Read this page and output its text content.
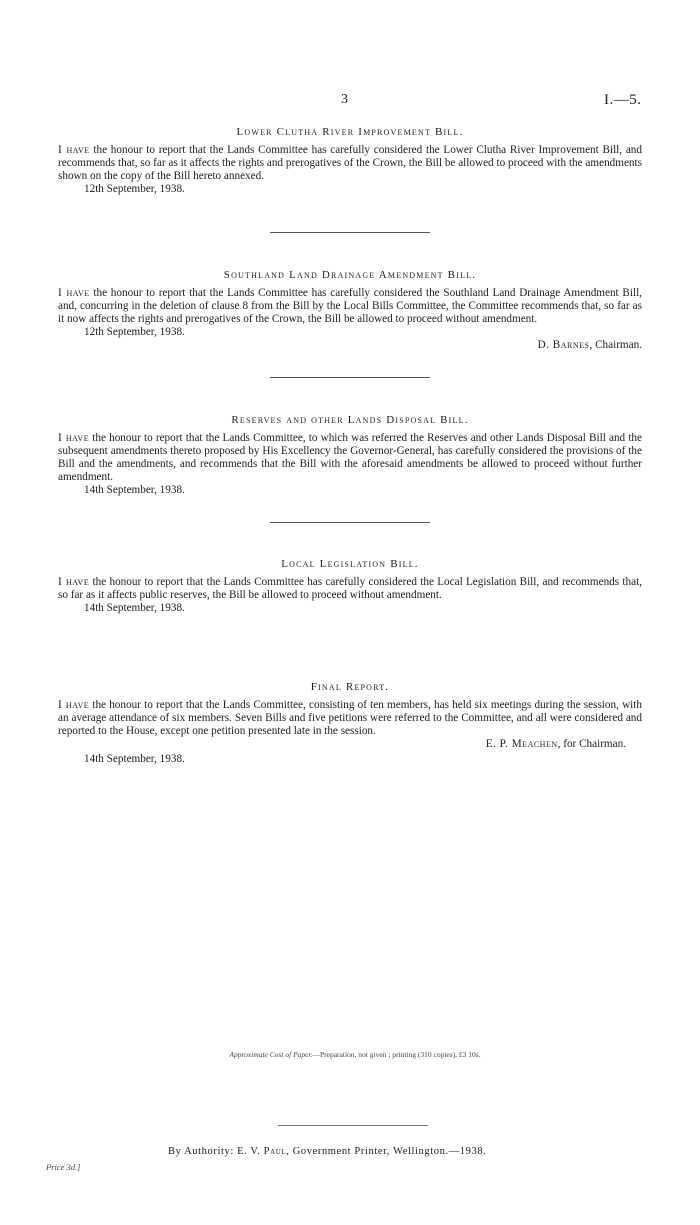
3	I.—5.
Lower Clutha River Improvement Bill.
I have the honour to report that the Lands Committee has carefully considered the Lower Clutha River Improvement Bill, and recommends that, so far as it affects the rights and prerogatives of the Crown, the Bill be allowed to proceed with the amendments shown on the copy of the Bill hereto annexed.
12th September, 1938.
Southland Land Drainage Amendment Bill.
I have the honour to report that the Lands Committee has carefully considered the Southland Land Drainage Amendment Bill, and, concurring in the deletion of clause 8 from the Bill by the Local Bills Committee, the Committee recommends that, so far as it now affects the rights and prerogatives of the Crown, the Bill be allowed to proceed without amendment.
12th September, 1938.
D. Barnes, Chairman.
Reserves and other Lands Disposal Bill.
I have the honour to report that the Lands Committee, to which was referred the Reserves and other Lands Disposal Bill and the subsequent amendments thereto proposed by His Excellency the Governor-General, has carefully considered the provisions of the Bill and the amendments, and recommends that the Bill with the aforesaid amendments be allowed to proceed without further amendment.
14th September, 1938.
Local Legislation Bill.
I have the honour to report that the Lands Committee has carefully considered the Local Legislation Bill, and recommends that, so far as it affects public reserves, the Bill be allowed to proceed without amendment.
14th September, 1938.
Final Report.
I have the honour to report that the Lands Committee, consisting of ten members, has held six meetings during the session, with an average attendance of six members. Seven Bills and five petitions were referred to the Committee, and all were considered and reported to the House, except one petition presented late in the session.
E. P. Meachen, for Chairman.
14th September, 1938.
Approximate Cost of Paper.—Preparation, not given ; printing (310 copies), £3 10s.
By Authority: E. V. Paul, Government Printer, Wellington.—1938.
Price 3d.]
